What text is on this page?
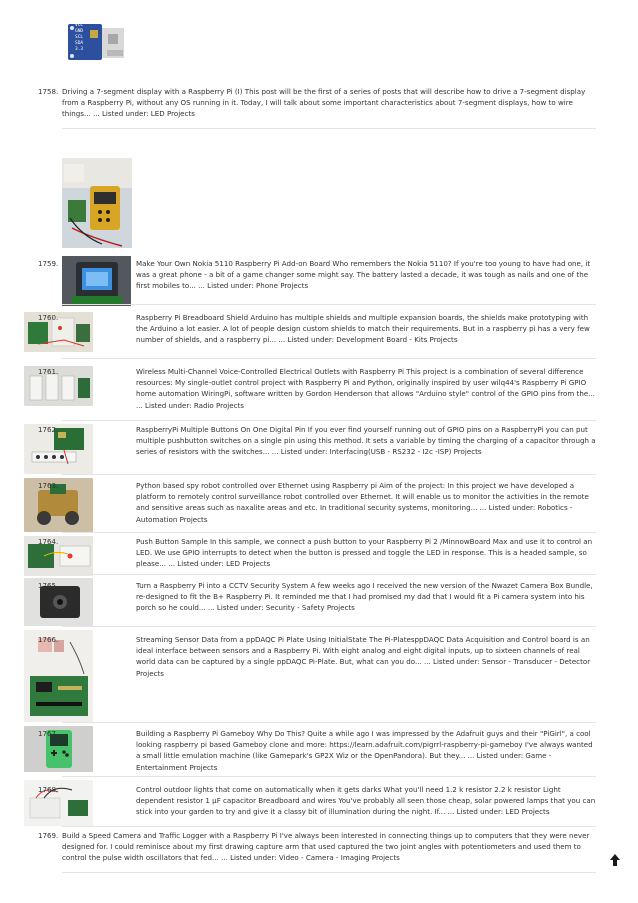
VCC
GND
SCL
SDA
3.3
1758. Driving a 7-segment display with a Raspberry Pi (I) This post will be the first of a series of posts that will describe how to drive a 7-segment display from a Raspberry Pi, without any OS running in it. Today, I will talk about some important characteristics about 7-segment displays, how to wire things... ... Listed under: LED Projects
1759.	Make Your Own Nokia 5110 Raspberry Pi Add-on Board Who remembers the Nokia 5110? If you're too young to have had one, it was a great phone - a bit of a game changer some might say. The battery lasted a decade, it was tough as nails and one of the first mobiles to... ... Listed under: Phone Projects
1760.	Raspberry Pi Breadboard Shield Arduino has multiple shields and multiple expansion boards, the shields make prototyping with the Arduino a lot easier. A lot of people design custom shields to match their requirements. But in a raspberry pi has a very few number of shields, and a raspberry pi... ... Listed under: Development Board - Kits Projects
1761.	Wireless Multi-Channel Voice-Controlled Electrical Outlets with Raspberry Pi This project is a combination of several difference resources: My single-outlet control project with Raspberry Pi and Python, originally inspired by user wilq44's Raspberry Pi GPIO home automation WiringPi, software written by Gordon Henderson that allows "Arduino style" control of the GPIO pins from the... ... Listed under: Radio Projects
1762.	RaspberryPi Multiple Buttons On One Digital Pin If you ever find yourself running out of GPIO pins on a RaspberryPi you can put multiple pushbutton switches on a single pin using this method. It sets a variable by timing the charging of a capacitor through a series of resistors with the switches... ... Listed under: Interfacing(USB - RS232 - I2c -ISP) Projects
1763.	Python based spy robot controlled over Ethernet using Raspberry pi Aim of the project: In this project we have developed a platform to remotely control surveillance robot controlled over Ethernet. It will enable us to monitor the activities in the remote and sensitive areas such as naxalite areas and etc. In traditional security systems, monitoring... ... Listed under: Robotics - Automation Projects
1764.	Push Button Sample In this sample, we connect a push button to your Raspberry Pi 2 /MinnowBoard Max and use it to control an LED. We use GPIO interrupts to detect when the button is pressed and toggle the LED in response. This is a headed sample, so please... ... Listed under: LED Projects
1765.	Turn a Raspberry Pi into a CCTV Security System A few weeks ago I received the new version of the Nwazet Camera Box Bundle, re-designed to fit the B+ Raspberry Pi. It reminded me that I had promised my dad that I would fit a Pi camera system into his porch so he could... ... Listed under: Security - Safety Projects
1766.	Streaming Sensor Data from a ppDAQC Pi Plate Using InitialState The Pi-PlatesppDAQC Data Acquisition and Control board is an ideal interface between sensors and a Raspberry Pi. With eight analog and eight digital inputs, up to sixteen channels of real world data can be captured by a single ppDAQC Pi-Plate. But, what can you do... ... Listed under: Sensor - Transducer - Detector Projects
1767.	Building a Raspberry Pi Gameboy Why Do This? Quite a while ago I was impressed by the Adafruit guys and their "PiGirl", a cool looking raspberry pi based Gameboy clone and more: https://learn.adafruit.com/pigrrl-raspberry-pi-gameboy I've always wanted a small little emulation machine (like Gamepark's GP2X Wiz or the OpenPandora). But they... ... Listed under: Game - Entertainment Projects
1768.	Control outdoor lights that come on automatically when it gets darks What you'll need 1.2 k resistor 2.2 k resistor Light dependent resistor 1 µF capacitor Breadboard and wires You've probably all seen those cheap, solar powered lamps that you can stick into your garden to try and give it a classy bit of illumination during the night. If... ... Listed under: LED Projects
1769. Build a Speed Camera and Traffic Logger with a Raspberry Pi I've always been interested in connecting things up to computers that they were never designed for. I could reminisce about my first drawing capture arm that used captured the two joint angles with potentiometers and used them to control the pulse width oscillators that fed... ... Listed under: Video - Camera - Imaging Projects
